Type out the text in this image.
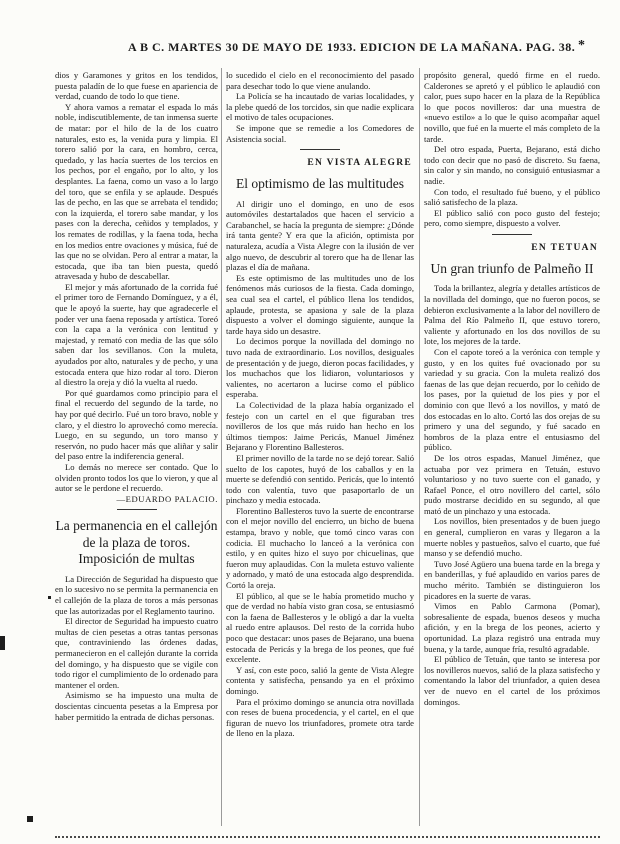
A B C. MARTES 30 DE MAYO DE 1933. EDICION DE LA MAÑANA. PAG. 38. *

dios y Garamones y gritos en los tendidos, puesta paladín de lo que fuese en apariencia de verdad, cuando de todo lo que tiene.

Y ahora vamos a rematar el espada lo más noble, indiscutiblemente, de tan inmensa suerte de matar: por el hilo de la de los cuatro naturales, esto es, la venida pura y limpia. El torero salió por la cara, en hombro, cerca, quedado, y las hacía suertes de los tercios en los pechos, por el engaño, por lo alto, y los desplantes. La faena, como un vaso a lo largo del toro, que se enfila y se aplaude. Después las de pecho, en las que se arrebata el tendido; con la izquierda, el torero sabe mandar, y los pases con la derecha, ceñidos y templados, y los remates de rodillas, y la faena toda, hecha en los medios entre ovaciones y música, fué de las que no se olvidan. Pero al entrar a matar, la estocada, que iba tan bien puesta, quedó atravesada y hubo de descabellar.

El mejor y más afortunado de la corrida fué el primer toro de Fernando Domínguez, y a él, que le apoyó la suerte, hay que agradecerle el poder ver una faena reposada y artística. Toreó con la capa a la verónica con lentitud y majestad, y remató con media de las que sólo saben dar los sevillanos. Con la muleta, ayudados por alto, naturales y de pecho, y una estocada entera que hizo rodar al toro. Dieron al diestro la oreja y dió la vuelta al ruedo.

Por qué guardamos como principio para el final el recuerdo del segundo de la tarde, no hay por qué decirlo. Fué un toro bravo, noble y claro, y el diestro lo aprovechó como merecía. Luego, en su segundo, un toro manso y reservón, no pudo hacer más que aliñar y salir del paso entre la indiferencia general.

Lo demás no merece ser contado. Que lo olviden pronto todos los que lo vieron, y que al autor se le perdone el recuerdo.

—EDUARDO PALACIO.
La permanencia en el callejón de la plaza de toros. Imposición de multas

La Dirección de Seguridad ha dispuesto que en lo sucesivo no se permita la permanencia en el callejón de la plaza de toros a más personas que las autorizadas por el Reglamento taurino.

El director de Seguridad ha impuesto cuatro multas de cien pesetas a otras tantas personas que, contraviniendo las órdenes dadas, permanecieron en el callejón durante la corrida del domingo, y ha dispuesto que se vigile con todo rigor el cumplimiento de lo ordenado para mantener el orden.

Asimismo se ha impuesto una multa de doscientas cincuenta pesetas a la Empresa por haber permitido la entrada de dichas personas.

lo sucedido el cielo en el reconocimiento del pasado para desechar todo lo que viene anulando.

La Policía se ha incautado de varias localidades, y la plebe quedó de los torcidos, sin que nadie explicara el motivo de tales ocupaciones.

Se impone que se remedie a los Comedores de Asistencia social.

EN VISTA ALEGRE
El optimismo de las multitudes

Al dirigir uno el domingo, en uno de esos automóviles destartalados que hacen el servicio a Carabanchel, se hacía la pregunta de siempre: ¿Dónde irá tanta gente? Y era que la afición, optimista por naturaleza, acudía a Vista Alegre con la ilusión de ver algo nuevo, de descubrir al torero que ha de llenar las plazas el día de mañana.

Es este optimismo de las multitudes uno de los fenómenos más curiosos de la fiesta. Cada domingo, sea cual sea el cartel, el público llena los tendidos, aplaude, protesta, se apasiona y sale de la plaza dispuesto a volver el domingo siguiente, aunque la tarde haya sido un desastre.

Lo decimos porque la novillada del domingo no tuvo nada de extraordinario. Los novillos, desiguales de presentación y de juego, dieron pocas facilidades, y los muchachos que los lidiaron, voluntariosos y valientes, no acertaron a lucirse como el público esperaba.

La Colectividad de la plaza había organizado el festejo con un cartel en el que figuraban tres novilleros de los que más ruido han hecho en los últimos tiempos: Jaime Pericás, Manuel Jiménez Bejarano y Florentino Ballesteros.

El primer novillo de la tarde no se dejó torear. Salió suelto de los capotes, huyó de los caballos y en la muerte se defendió con sentido. Pericás, que lo intentó todo con valentía, tuvo que pasaportarlo de un pinchazo y media estocada.

Florentino Ballesteros tuvo la suerte de encontrarse con el mejor novillo del encierro, un bicho de buena estampa, bravo y noble, que tomó cinco varas con codicia. El muchacho lo lanceó a la verónica con estilo, y en quites hizo el suyo por chicuelinas, que fueron muy aplaudidas. Con la muleta estuvo valiente y adornado, y mató de una estocada algo desprendida. Cortó la oreja.

El público, al que se le había prometido mucho y que de verdad no había visto gran cosa, se entusiasmó con la faena de Ballesteros y le obligó a dar la vuelta al ruedo entre aplausos. Del resto de la corrida hubo poco que destacar: unos pases de Bejarano, una buena estocada de Pericás y la brega de los peones, que fué excelente.

Y así, con este poco, salió la gente de Vista Alegre contenta y satisfecha, pensando ya en el próximo domingo.

Para el próximo domingo se anuncia otra novillada con reses de buena procedencia, y el cartel, en el que figuran de nuevo los triunfadores, promete otra tarde de lleno en la plaza.

propósito general, quedó firme en el ruedo. Calderones se apretó y el público le aplaudió con calor, pues supo hacer en la plaza de la República lo que pocos novilleros: dar una muestra de «nuevo estilo» a lo que le quiso acompañar aquel novillo, que fué en la muerte el más completo de la tarde.

Del otro espada, Puerta, Bejarano, está dicho todo con decir que no pasó de discreto. Su faena, sin calor y sin mando, no consiguió entusiasmar a nadie.

Con todo, el resultado fué bueno, y el público salió satisfecho de la plaza.

El público salió con poco gusto del festejo; pero, como siempre, dispuesto a volver.

EN TETUAN
Un gran triunfo de Palmeño II

Toda la brillantez, alegría y detalles artísticos de la novillada del domingo, que no fueron pocos, se debieron exclusivamente a la labor del novillero de Palma del Río Palmeño II, que estuvo torero, valiente y afortunado en los dos novillos de su lote, los mejores de la tarde.

Con el capote toreó a la verónica con temple y gusto, y en los quites fué ovacionado por su variedad y su gracia. Con la muleta realizó dos faenas de las que dejan recuerdo, por lo ceñido de los pases, por la quietud de los pies y por el dominio con que llevó a los novillos, y mató de dos estocadas en lo alto. Cortó las dos orejas de su primero y una del segundo, y fué sacado en hombros de la plaza entre el entusiasmo del público.

De los otros espadas, Manuel Jiménez, que actuaba por vez primera en Tetuán, estuvo voluntarioso y no tuvo suerte con el ganado, y Rafael Ponce, el otro novillero del cartel, sólo pudo mostrarse decidido en su segundo, al que mató de un pinchazo y una estocada.

Los novillos, bien presentados y de buen juego en general, cumplieron en varas y llegaron a la muerte nobles y pastueños, salvo el cuarto, que fué manso y se defendió mucho.

Tuvo José Agüero una buena tarde en la brega y en banderillas, y fué aplaudido en varios pares de mucho mérito. También se distinguieron los picadores en la suerte de varas.

Vimos en Pablo Carmona (Pomar), sobresaliente de espada, buenos deseos y mucha afición, y en la brega de los peones, acierto y oportunidad. La plaza registró una entrada muy buena, y la tarde, aunque fría, resultó agradable.

El público de Tetuán, que tanto se interesa por los novilleros nuevos, salió de la plaza satisfecho y comentando la labor del triunfador, a quien desea ver de nuevo en el cartel de los próximos domingos.
